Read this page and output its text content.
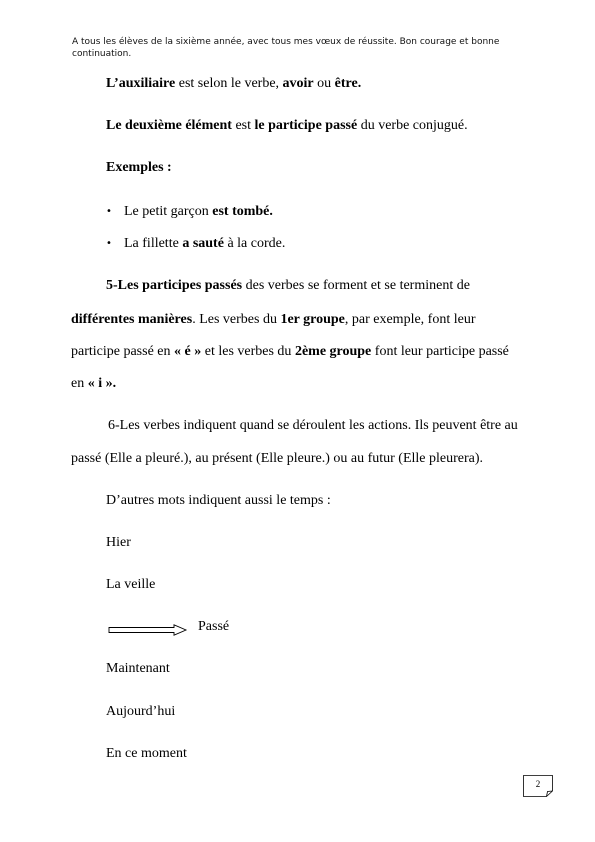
A tous les élèves de la sixième année, avec tous mes vœux de réussite. Bon courage et bonne continuation.
L’auxiliaire est selon le verbe, avoir ou être.
Le deuxième élément est le participe passé du verbe conjugué.
Exemples :
• Le petit garçon est tombé.
• La fillette a sauté à la corde.
5-Les participes passés des verbes se forment et se terminent de
différentes manières. Les verbes du 1er groupe, par exemple, font leur
participe passé en « é » et les verbes du 2ème groupe font leur participe passé
en « i ».
6-Les verbes indiquent quand se déroulent les actions. Ils peuvent être au
passé (Elle a pleuré.), au présent (Elle pleure.) ou au futur (Elle pleurera).
D’autres mots indiquent aussi le temps :
Hier
La veille
Passé
Maintenant
Aujourd’hui
En ce moment
2
